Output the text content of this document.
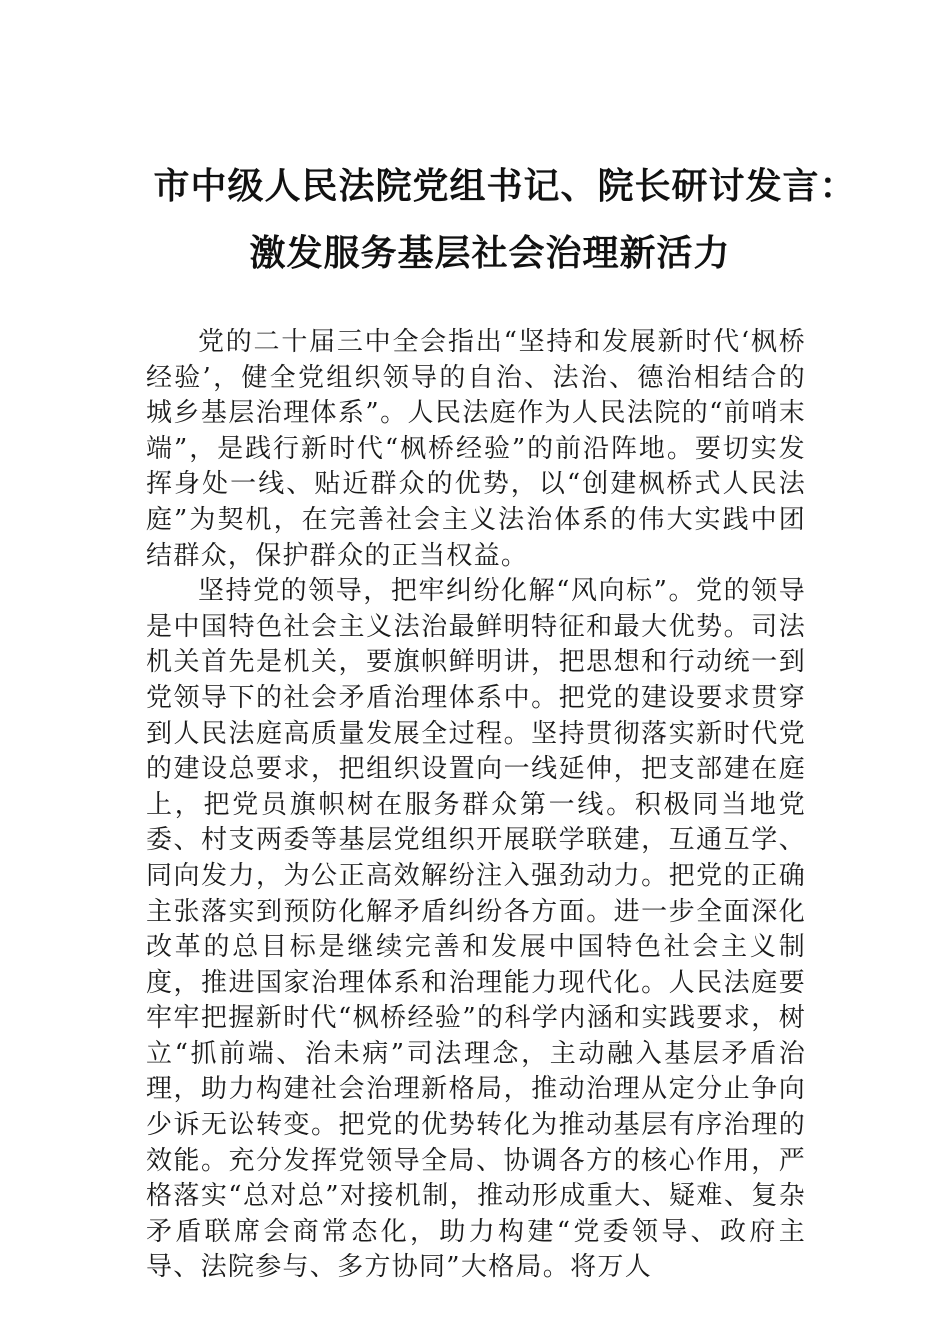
市中级人民法院党组书记、院长研讨发言：
激发服务基层社会治理新活力

党的二十届三中全会指出“坚持和发展新时代‘枫桥经验’，健全党组织领导的自治、法治、德治相结合的城乡基层治理体系”。人民法庭作为人民法院的“前哨末端”，是践行新时代“枫桥经验”的前沿阵地。要切实发挥身处一线、贴近群众的优势，以“创建枫桥式人民法庭”为契机，在完善社会主义法治体系的伟大实践中团结群众，保护群众的正当权益。

坚持党的领导，把牢纠纷化解“风向标”。党的领导是中国特色社会主义法治最鲜明特征和最大优势。司法机关首先是机关，要旗帜鲜明讲，把思想和行动统一到党领导下的社会矛盾治理体系中。把党的建设要求贯穿到人民法庭高质量发展全过程。坚持贯彻落实新时代党的建设总要求，把组织设置向一线延伸，把支部建在庭上，把党员旗帜树在服务群众第一线。积极同当地党委、村支两委等基层党组织开展联学联建，互通互学、同向发力，为公正高效解纷注入强劲动力。把党的正确主张落实到预防化解矛盾纠纷各方面。进一步全面深化改革的总目标是继续完善和发展中国特色社会主义制度，推进国家治理体系和治理能力现代化。人民法庭要牢牢把握新时代“枫桥经验”的科学内涵和实践要求，树立“抓前端、治未病”司法理念，主动融入基层矛盾治理，助力构建社会治理新格局，推动治理从定分止争向少诉无讼转变。把党的优势转化为推动基层有序治理的效能。充分发挥党领导全局、协调各方的核心作用，严格落实“总对总”对接机制，推动形成重大、疑难、复杂矛盾联席会商常态化，助力构建“党委领导、政府主导、法院参与、多方协同”大格局。将万人
